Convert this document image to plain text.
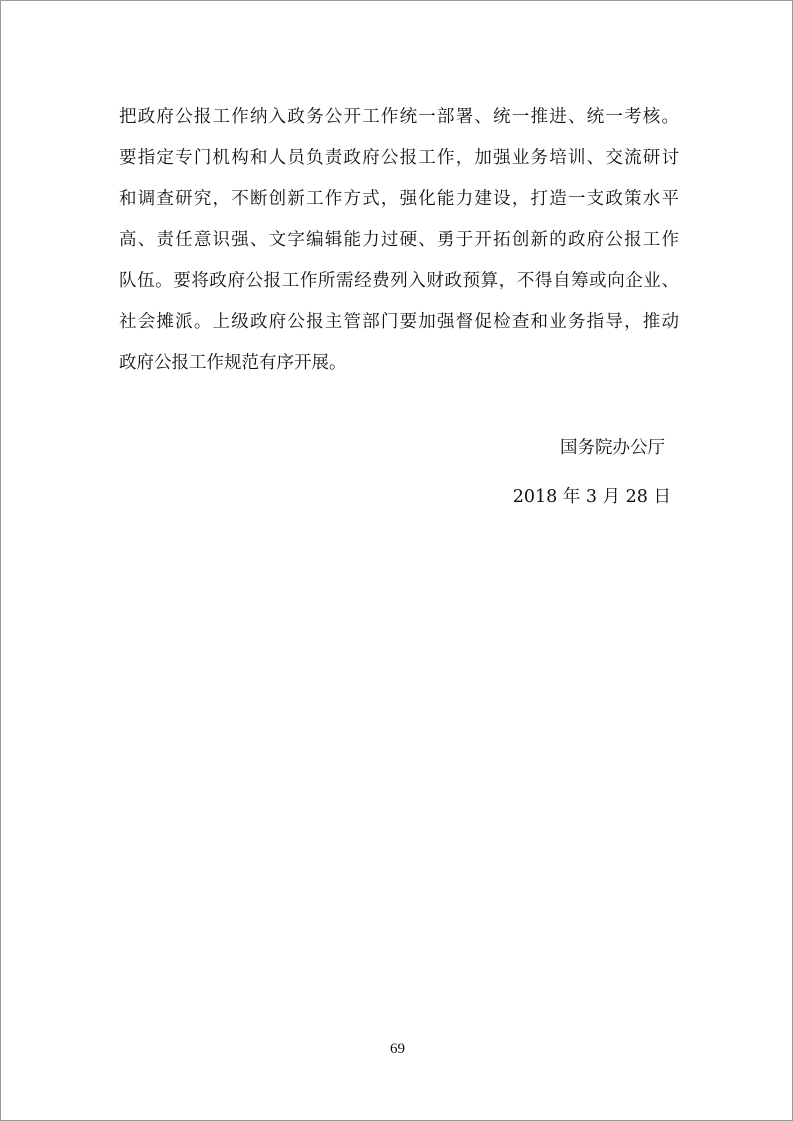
把政府公报工作纳入政务公开工作统一部署、统一推进、统一考核。
要指定专门机构和人员负责政府公报工作，加强业务培训、交流研讨
和调查研究，不断创新工作方式，强化能力建设，打造一支政策水平
高、责任意识强、文字编辑能力过硬、勇于开拓创新的政府公报工作
队伍。要将政府公报工作所需经费列入财政预算，不得自筹或向企业、
社会摊派。上级政府公报主管部门要加强督促检查和业务指导，推动
政府公报工作规范有序开展。
国务院办公厅
2018 年 3 月 28 日
69
